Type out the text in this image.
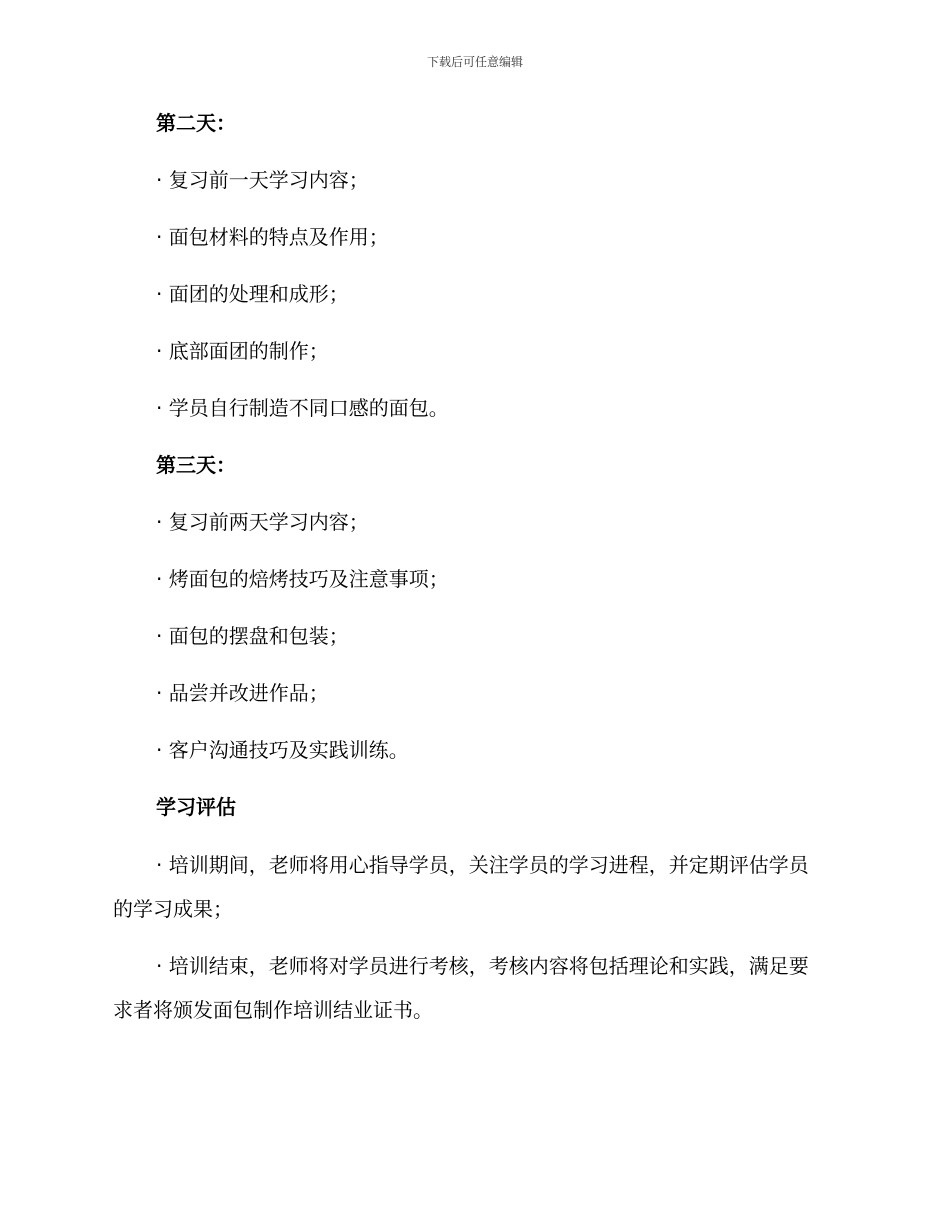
下载后可任意编辑

第二天：

· 复习前一天学习内容；

· 面包材料的特点及作用；

· 面团的处理和成形；

· 底部面团的制作；

· 学员自行制造不同口感的面包。

第三天：

· 复习前两天学习内容；

· 烤面包的焙烤技巧及注意事项；

· 面包的摆盘和包装；

· 品尝并改进作品；

· 客户沟通技巧及实践训练。

学习评估

· 培训期间，老师将用心指导学员，关注学员的学习进程，并定期评估学员的学习成果；

· 培训结束，老师将对学员进行考核，考核内容将包括理论和实践，满足要求者将颁发面包制作培训结业证书。
